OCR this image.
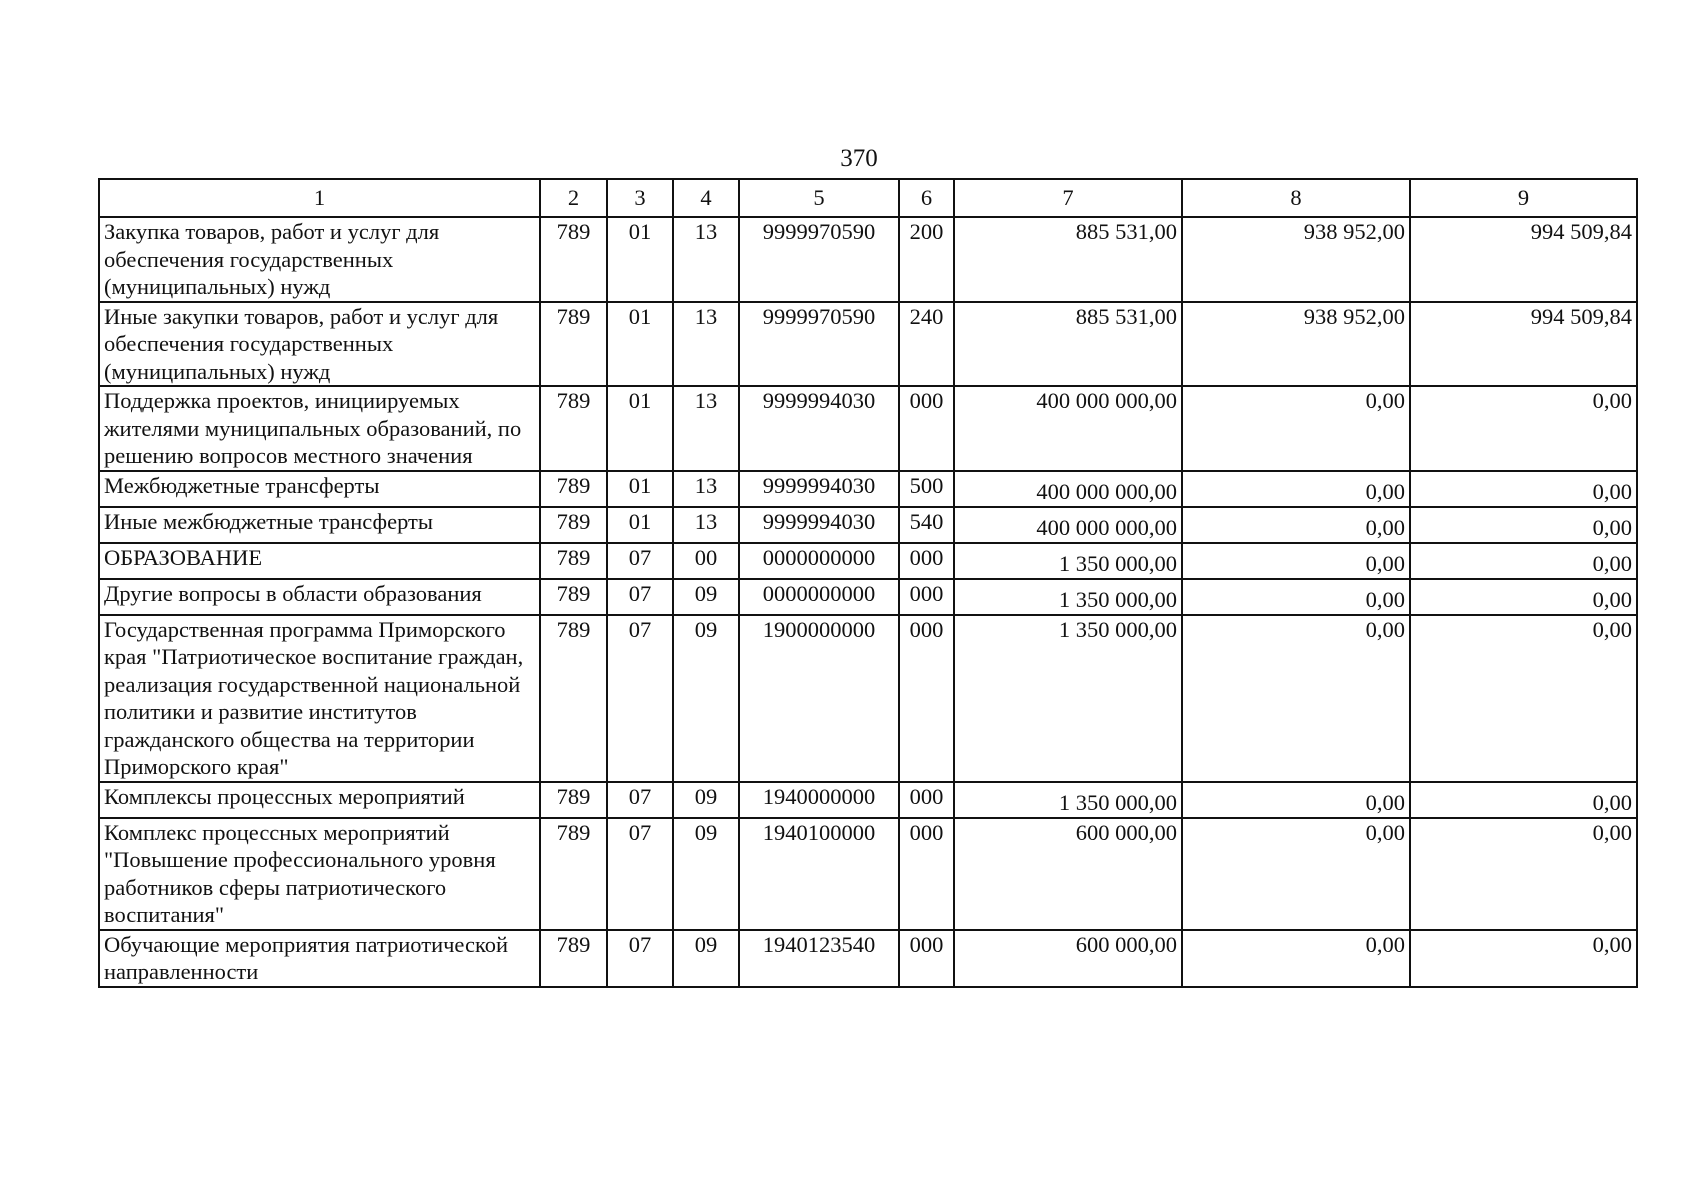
370
1	2	3	4	5	6	7	8	9
Закупка товаров, работ и услуг для обеспечения государственных (муниципальных) нужд	789	01	13	9999970590	200	885 531,00	938 952,00	994 509,84
Иные закупки товаров, работ и услуг для обеспечения государственных (муниципальных) нужд	789	01	13	9999970590	240	885 531,00	938 952,00	994 509,84
Поддержка проектов, инициируемых жителями муниципальных образований, по решению вопросов местного значения	789	01	13	9999994030	000	400 000 000,00	0,00	0,00
Межбюджетные трансферты	789	01	13	9999994030	500	400 000 000,00	0,00	0,00
Иные межбюджетные трансферты	789	01	13	9999994030	540	400 000 000,00	0,00	0,00
ОБРАЗОВАНИЕ	789	07	00	0000000000	000	1 350 000,00	0,00	0,00
Другие вопросы в области образования	789	07	09	0000000000	000	1 350 000,00	0,00	0,00
Государственная программа Приморского края "Патриотическое воспитание граждан, реализация государственной национальной политики и развитие институтов гражданского общества на территории Приморского края"	789	07	09	1900000000	000	1 350 000,00	0,00	0,00
Комплексы процессных мероприятий	789	07	09	1940000000	000	1 350 000,00	0,00	0,00
Комплекс процессных мероприятий "Повышение профессионального уровня работников сферы патриотического воспитания"	789	07	09	1940100000	000	600 000,00	0,00	0,00
Обучающие мероприятия патриотической направленности	789	07	09	1940123540	000	600 000,00	0,00	0,00
